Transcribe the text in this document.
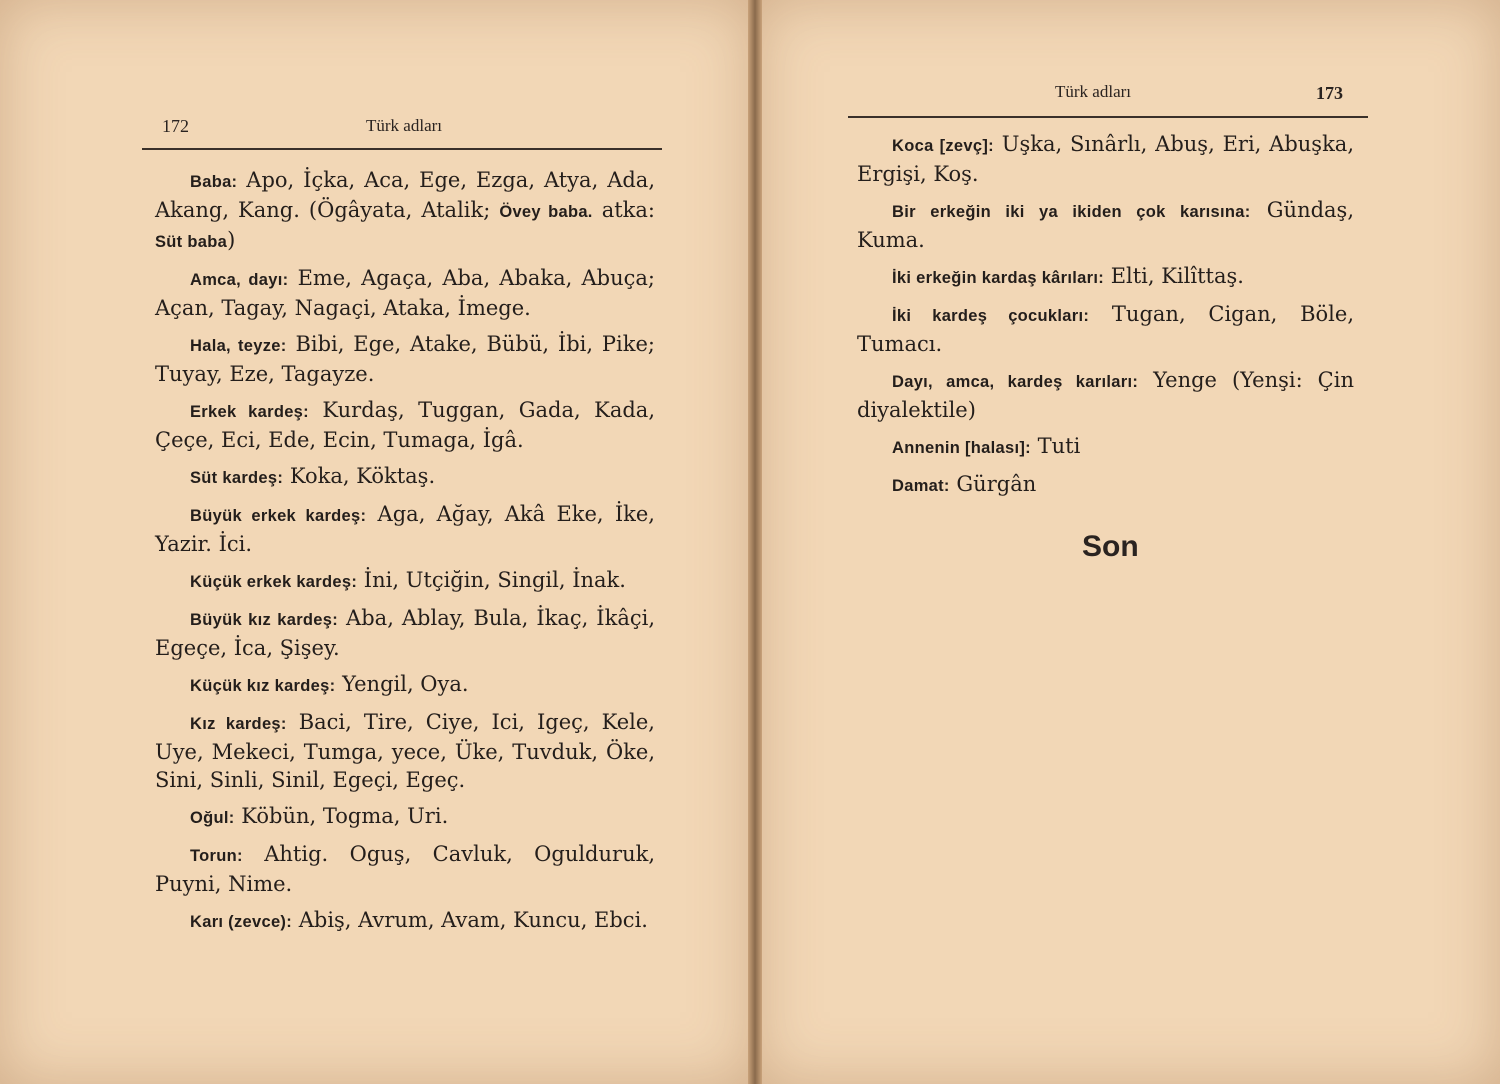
172	Türk adları
Türk adları	173

Baba: Apo, İçka, Aca, Ege, Ezga, Atya, Ada, Akang, Kang. (Ögâyata, Atalik; Övey baba. atka: Süt baba)

Amca, dayı: Eme, Agaça, Aba, Abaka, Abuça; Açan, Tagay, Nagaçi, Ataka, İmege.

Hala, teyze: Bibi, Ege, Atake, Bübü, İbi, Pike; Tuyay, Eze, Tagayze.

Erkek kardeş: Kurdaş, Tuggan, Gada, Kada, Çeçe, Eci, Ede, Ecin, Tumaga, İgâ.

Süt kardeş: Koka, Köktaş.

Büyük erkek kardeş: Aga, Ağay, Akâ Eke, İke, Yazir. İci.

Küçük erkek kardeş: İni, Utçiğin, Singil, İnak.

Büyük kız kardeş: Aba, Ablay, Bula, İkaç, İkâçi, Egeçe, İca, Şişey.

Küçük kız kardeş: Yengil, Oya.

Kız kardeş: Baci, Tire, Ciye, Ici, Igeç, Kele, Uye, Mekeci, Tumga, yece, Üke, Tuvduk, Öke, Sini, Sinli, Sinil, Egeçi, Egeç.

Oğul: Köbün, Togma, Uri.

Torun: Ahtig. Oguş, Cavluk, Ogulduruk, Puyni, Nime.

Karı (zevce): Abiş, Avrum, Avam, Kuncu, Ebci.

Koca [zevç]: Uşka, Sınârlı, Abuş, Eri, Abuşka, Ergişi, Koş.

Bir erkeğin iki ya ikiden çok karısına: Gündaş, Kuma.

İki erkeğin kardaş kârıları: Elti, Kilîttaş.

İki kardeş çocukları: Tugan, Cigan, Böle, Tumacı.

Dayı, amca, kardeş karıları: Yenge (Yenşi: Çin diyalektile)

Annenin [halası]: Tuti

Damat: Gürgân

Son
